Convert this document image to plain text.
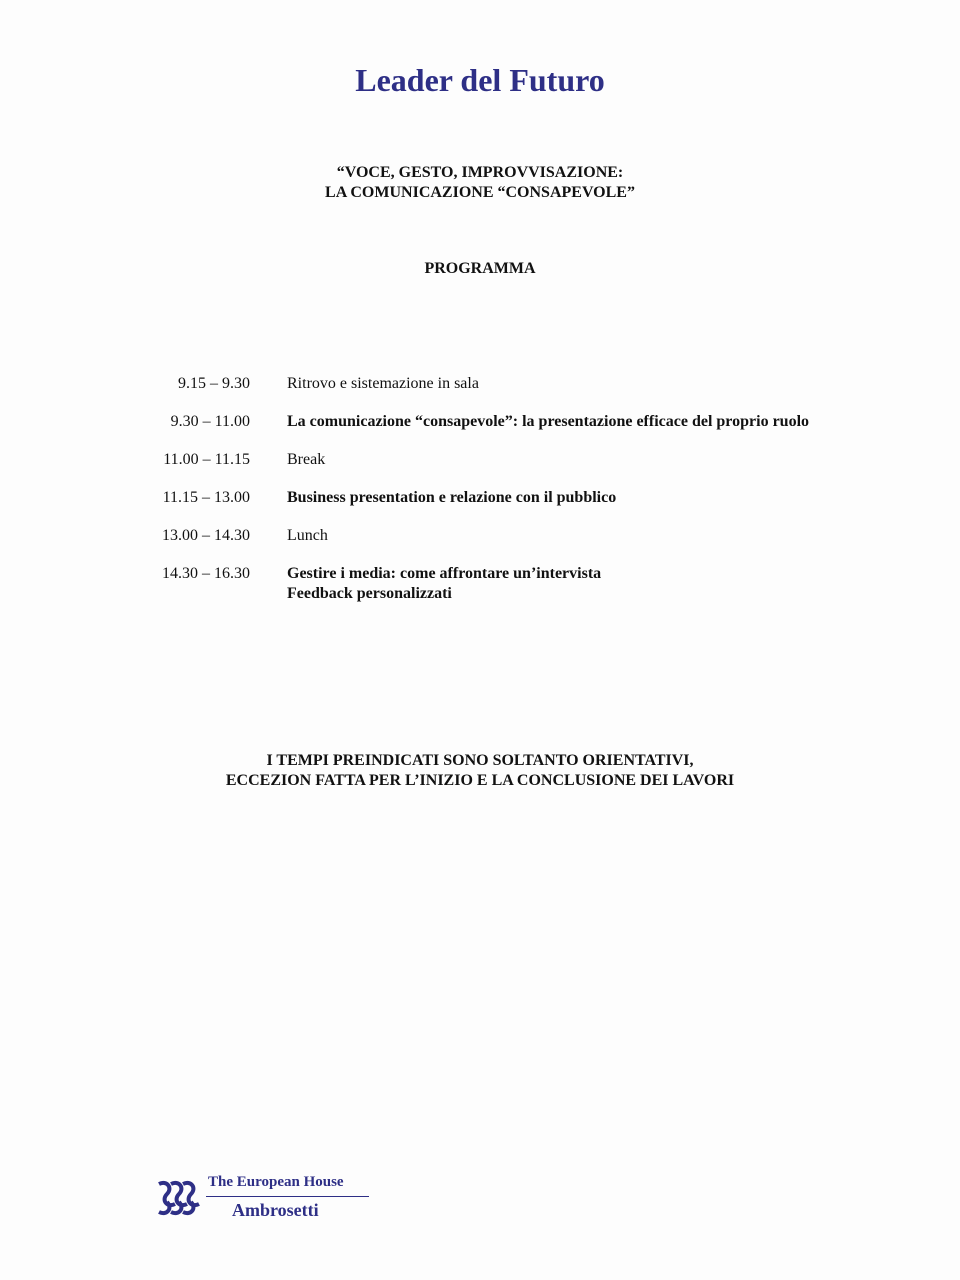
Leader del Futuro
“VOCE, GESTO, IMPROVVISAZIONE:
LA COMUNICAZIONE “CONSAPEVOLE”
PROGRAMMA
9.15 – 9.30 Ritrovo e sistemazione in sala
9.30 – 11.00 La comunicazione “consapevole”: la presentazione efficace del proprio ruolo
11.00 – 11.15 Break
11.15 – 13.00 Business presentation e relazione con il pubblico
13.00 – 14.30 Lunch
14.30 – 16.30 Gestire i media: come affrontare un’intervista
Feedback personalizzati
I TEMPI PREINDICATI SONO SOLTANTO ORIENTATIVI,
ECCEZION FATTA PER L’INIZIO E LA CONCLUSIONE DEI LAVORI
The European House
Ambrosetti
